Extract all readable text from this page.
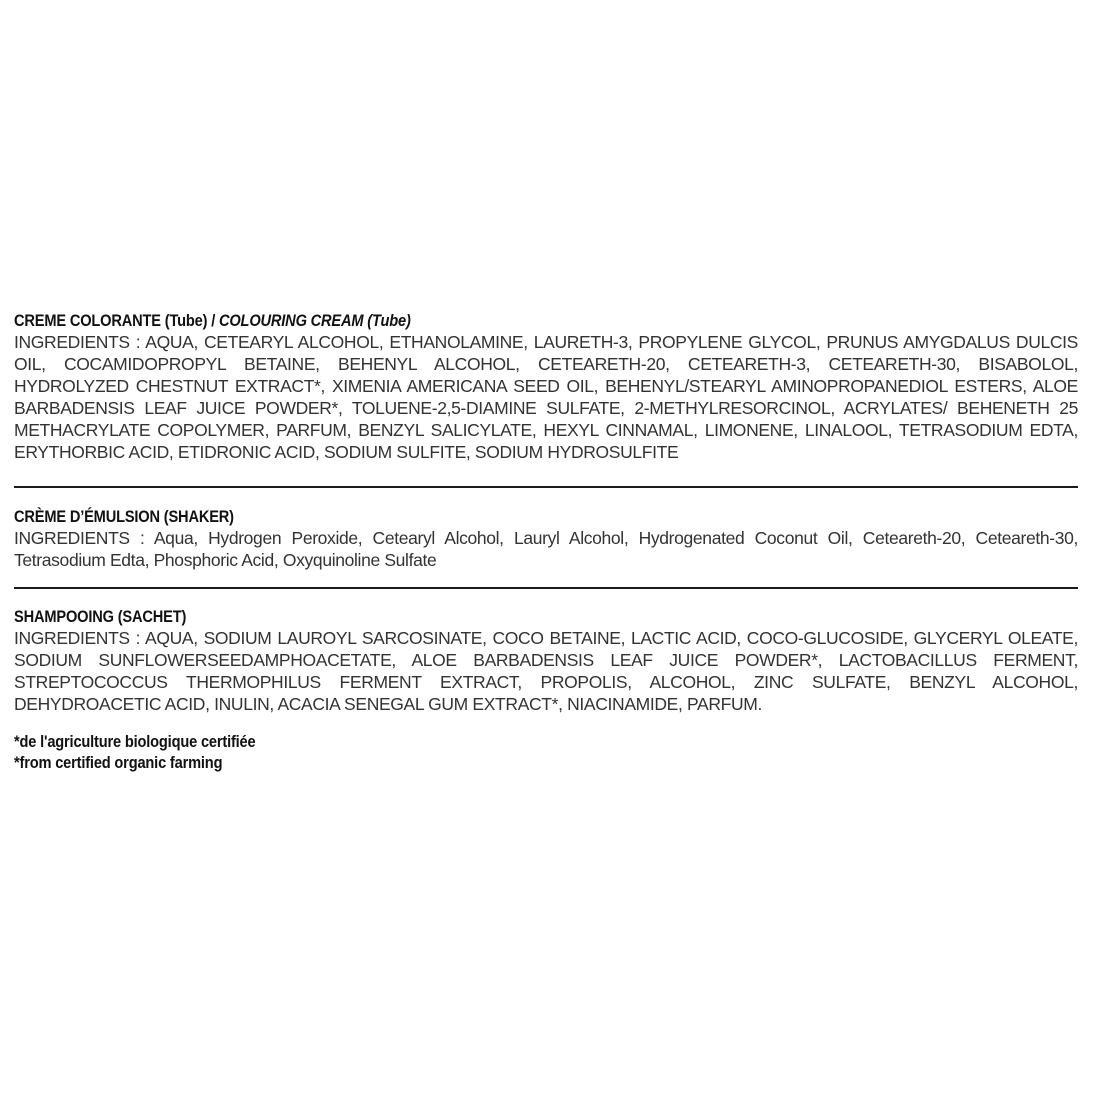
CREME COLORANTE (Tube) / COLOURING CREAM (Tube)
INGREDIENTS : AQUA, CETEARYL ALCOHOL, ETHANOLAMINE, LAURETH-3, PROPYLENE GLYCOL, PRUNUS AMYGDALUS DULCIS OIL, COCAMIDOPROPYL BETAINE, BEHENYL ALCOHOL, CETEARETH-20, CETEARETH-3, CETEARETH-30, BISABOLOL, HYDROLYZED CHESTNUT EXTRACT*, XIMENIA AMERICANA SEED OIL, BEHENYL/STEARYL AMINOPROPANEDIOL ESTERS, ALOE BARBADENSIS LEAF JUICE POWDER*, TOLUENE-2,5-DIAMINE SULFATE, 2-METHYLRESORCINOL, ACRYLATES/ BEHENETH 25 METHACRYLATE COPOLYMER, PARFUM, BENZYL SALICYLATE, HEXYL CINNAMAL, LIMONENE, LINALOOL, TETRASODIUM EDTA, ERYTHORBIC ACID, ETIDRONIC ACID, SODIUM SULFITE, SODIUM HYDROSULFITE
CRÈME D’ÉMULSION (SHAKER)
INGREDIENTS : Aqua, Hydrogen Peroxide, Cetearyl Alcohol, Lauryl Alcohol, Hydrogenated Coconut Oil, Ceteareth-20, Ceteareth-30, Tetrasodium Edta, Phosphoric Acid, Oxyquinoline Sulfate
SHAMPOOING (SACHET)
INGREDIENTS : AQUA, SODIUM LAUROYL SARCOSINATE, COCO BETAINE, LACTIC ACID, COCO-GLUCOSIDE, GLYCERYL OLEATE, SODIUM SUNFLOWERSEEDAMPHOACETATE, ALOE BARBADENSIS LEAF JUICE POWDER*, LACTOBACILLUS FERMENT, STREPTOCOCCUS THERMOPHILUS FERMENT EXTRACT, PROPOLIS, ALCOHOL, ZINC SULFATE, BENZYL ALCOHOL, DEHYDROACETIC ACID, INULIN, ACACIA SENEGAL GUM EXTRACT*, NIACINAMIDE, PARFUM.
*de l'agriculture biologique certifiée
*from certified organic farming
